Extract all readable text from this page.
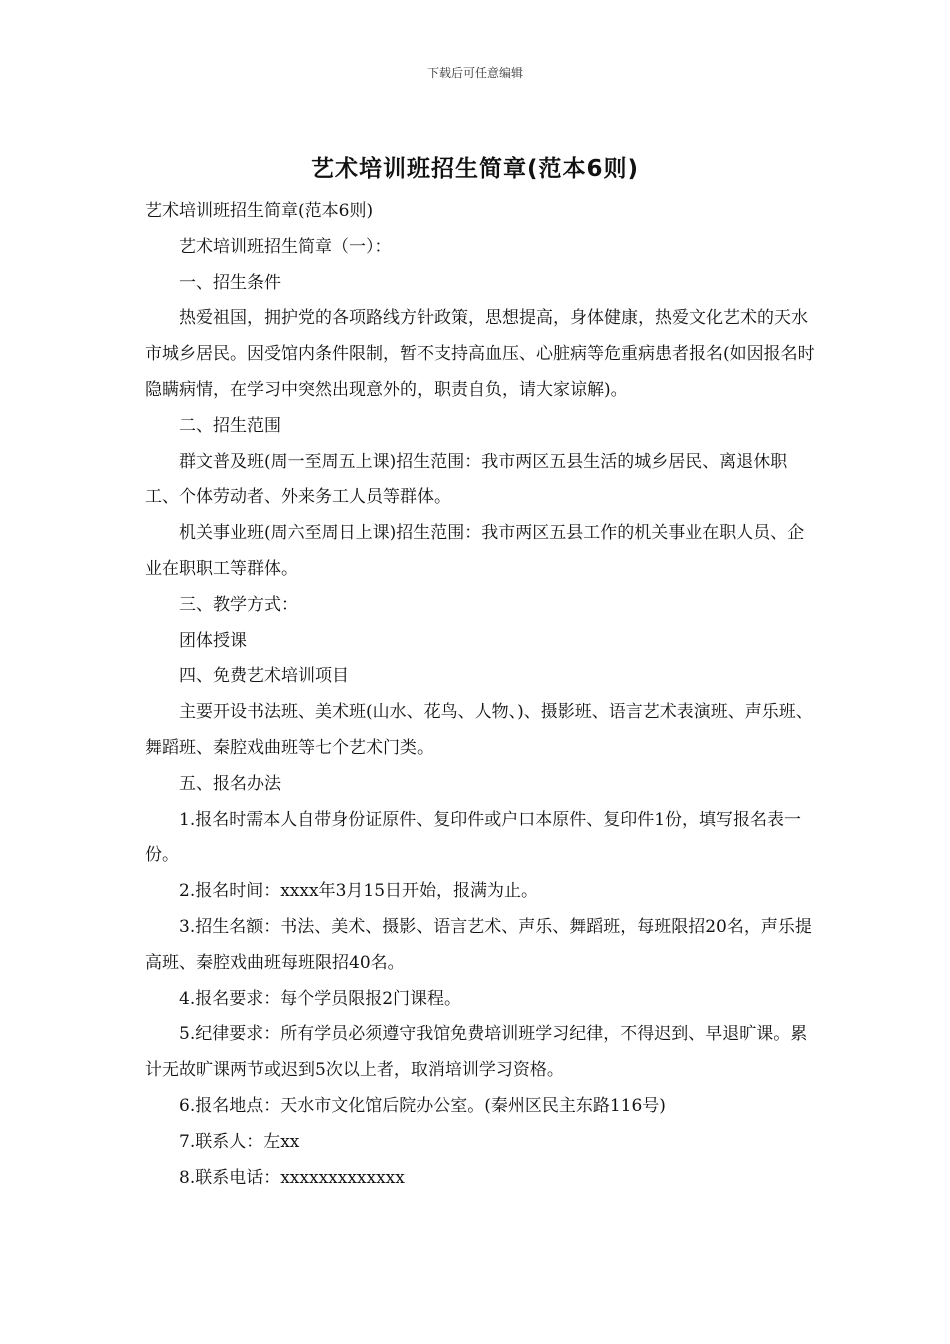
下载后可任意编辑
艺术培训班招生简章(范本6则)

艺术培训班招生简章(范本6则)

艺术培训班招生简章（一）：

一、招生条件

热爱祖国，拥护党的各项路线方针政策，思想提高，身体健康，热爱文化艺术的天水市城乡居民。因受馆内条件限制，暂不支持高血压、心脏病等危重病患者报名(如因报名时隐瞒病情，在学习中突然出现意外的，职责自负，请大家谅解)。

二、招生范围

群文普及班(周一至周五上课)招生范围：我市两区五县生活的城乡居民、离退休职工、个体劳动者、外来务工人员等群体。

机关事业班(周六至周日上课)招生范围：我市两区五县工作的机关事业在职人员、企业在职职工等群体。

三、教学方式：

团体授课

四、免费艺术培训项目

主要开设书法班、美术班(山水、花鸟、人物、)、摄影班、语言艺术表演班、声乐班、舞蹈班、秦腔戏曲班等七个艺术门类。

五、报名办法

1.报名时需本人自带身份证原件、复印件或户口本原件、复印件1份，填写报名表一份。

2.报名时间：xxxx年3月15日开始，报满为止。

3.招生名额：书法、美术、摄影、语言艺术、声乐、舞蹈班，每班限招20名，声乐提高班、秦腔戏曲班每班限招40名。

4.报名要求：每个学员限报2门课程。

5.纪律要求：所有学员必须遵守我馆免费培训班学习纪律，不得迟到、早退旷课。累计无故旷课两节或迟到5次以上者，取消培训学习资格。

6.报名地点：天水市文化馆后院办公室。(秦州区民主东路116号)

7.联系人：左xx

8.联系电话：xxxxxxxxxxxxx
